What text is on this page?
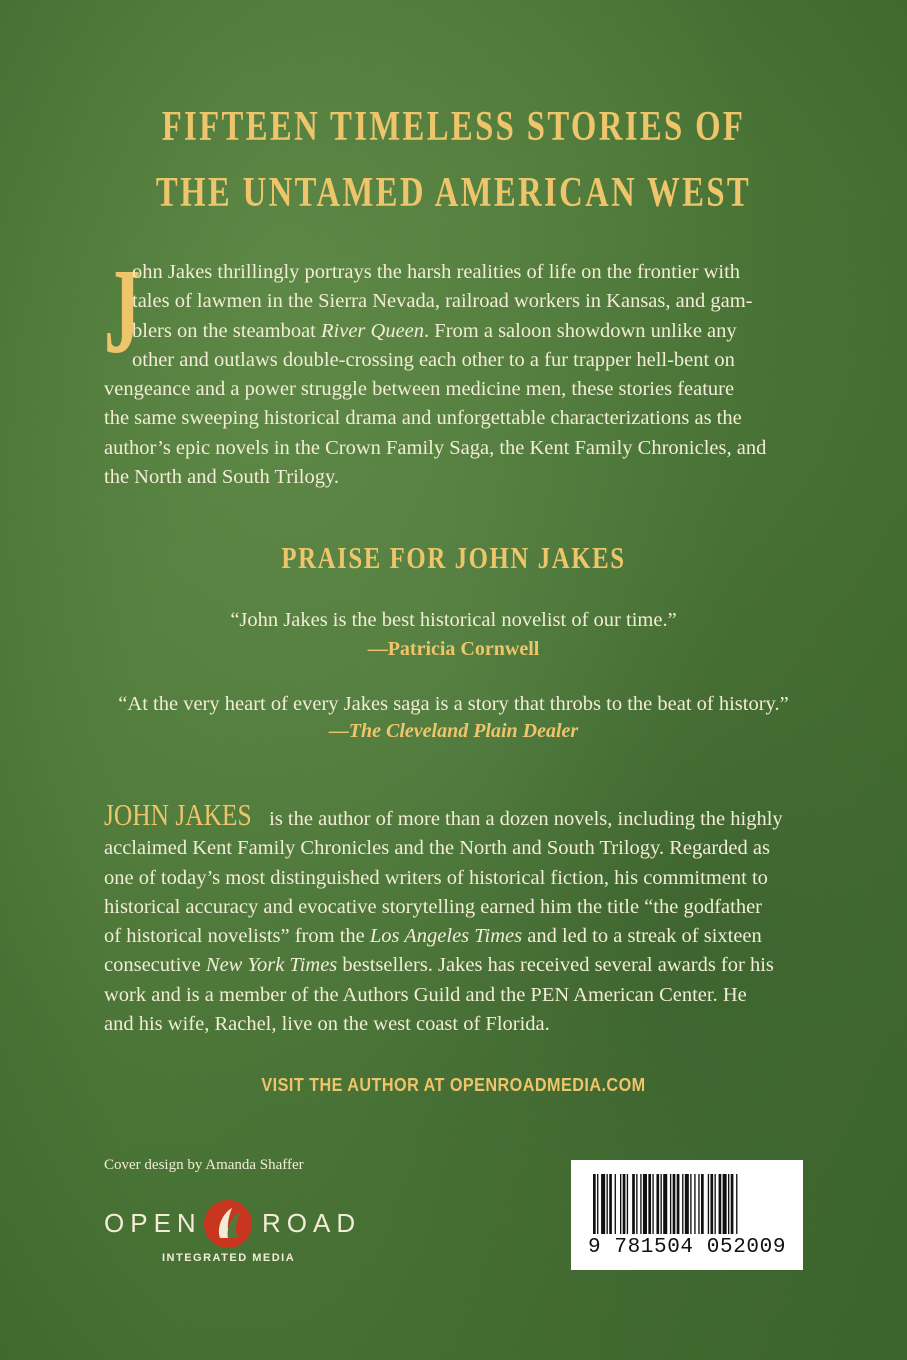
FIFTEEN TIMELESS STORIES OF
THE UNTAMED AMERICAN WEST
J
ohn Jakes thrillingly portrays the harsh realities of life on the frontier with
tales of lawmen in the Sierra Nevada, railroad workers in Kansas, and gam-
blers on the steamboat River Queen. From a saloon showdown unlike any
other and outlaws double-crossing each other to a fur trapper hell-bent on
vengeance and a power struggle between medicine men, these stories feature
the same sweeping historical drama and unforgettable characterizations as the
author’s epic novels in the Crown Family Saga, the Kent Family Chronicles, and
the North and South Trilogy.
PRAISE FOR JOHN JAKES
“John Jakes is the best historical novelist of our time.”
—Patricia Cornwell
“At the very heart of every Jakes saga is a story that throbs to the beat of history.”
—The Cleveland Plain Dealer
JOHN JAKES is the author of more than a dozen novels, including the highly
acclaimed Kent Family Chronicles and the North and South Trilogy. Regarded as
one of today’s most distinguished writers of historical fiction, his commitment to
historical accuracy and evocative storytelling earned him the title “the godfather
of historical novelists” from the Los Angeles Times and led to a streak of sixteen
consecutive New York Times bestsellers. Jakes has received several awards for his
work and is a member of the Authors Guild and the PEN American Center. He
and his wife, Rachel, live on the west coast of Florida.
VISIT THE AUTHOR AT OPENROADMEDIA.COM
Cover design by Amanda Shaffer
OPEN ROAD
INTEGRATED MEDIA	9 781504 052009
